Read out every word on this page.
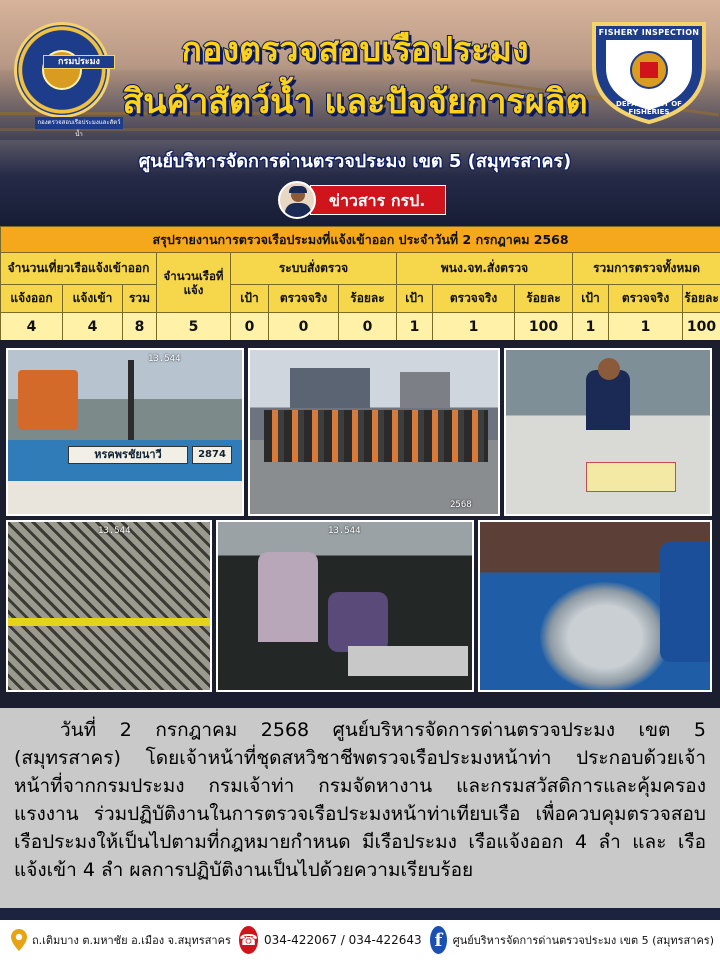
กรมประมง
กองตรวจสอบเรือประมงและสัตว์น้ำ
FISHERY INSPECTION
DEPARTMENT OF FISHERIES
กองตรวจสอบเรือประมง
สินค้าสัตว์น้ำ และปัจจัยการผลิต
ศูนย์บริหารจัดการด่านตรวจประมง เขต 5 (สมุทรสาคร)
ข่าวสาร กรป.
สรุปรายงานการตรวจเรือประมงที่แจ้งเข้าออก ประจำวันที่ 2 กรกฎาคม 2568												
จำนวนเที่ยวเรือแจ้งเข้าออก			จำนวนเรือที่แจ้ง	ระบบสั่งตรวจ			พนง.จท.สั่งตรวจ			รวมการตรวจทั้งหมด		
แจ้งออก	แจ้งเข้า	รวม		เป้า	ตรวจจริง	ร้อยละ	เป้า	ตรวจจริง	ร้อยละ	เป้า	ตรวจจริง	ร้อยละ
4	4	8	5	0	0	0	1	1	100	1	1	100
หรคพรชัยนาวี	2874
13.544
2568
13.544	13.544

วันที่ 2 กรกฎาคม 2568 ศูนย์บริหารจัดการด่านตรวจประมง เขต 5 (สมุทรสาคร) โดยเจ้าหน้าที่ชุดสหวิชาชีพตรวจเรือประมงหน้าท่า ประกอบด้วยเจ้าหน้าที่จากกรมประมง กรมเจ้าท่า กรมจัดหางาน และกรมสวัสดิการและคุ้มครองแรงงาน ร่วมปฏิบัติงานในการตรวจเรือประมงหน้าท่าเทียบเรือ เพื่อควบคุมตรวจสอบเรือประมงให้เป็นไปตามที่กฎหมายกำหนด มีเรือประมง เรือแจ้งออก 4 ลำ และ เรือแจ้งเข้า 4 ลำ ผลการปฏิบัติงานเป็นไปด้วยความเรียบร้อย

ถ.เติมบาง ต.มหาชัย อ.เมือง จ.สมุทรสาคร ☎ 034-422067 / 034-422643 f ศูนย์บริหารจัดการด่านตรวจประมง เขต 5 (สมุทรสาคร)
